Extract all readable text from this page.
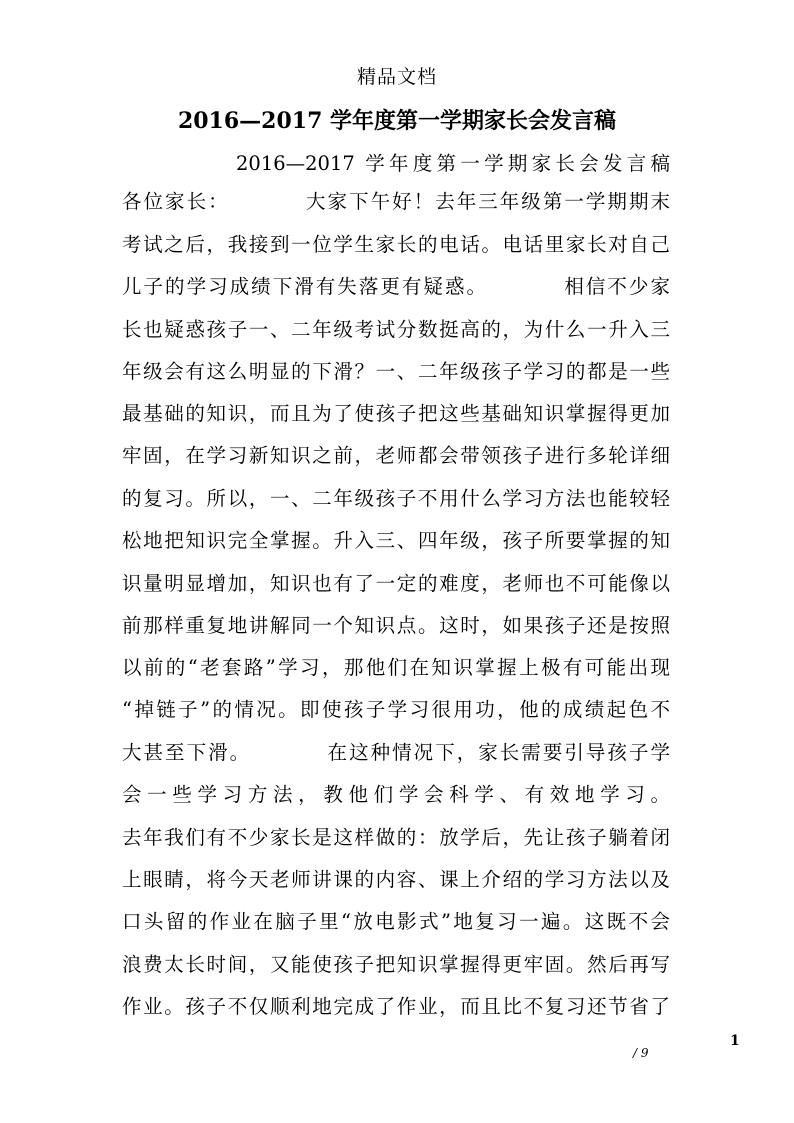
精品文档
2016—2017 学年度第一学期家长会发言稿
2016—2017 学年度第一学期家长会发言稿
各位家长：　　　　大家下午好！去年三年级第一学期期末
考试之后，我接到一位学生家长的电话。电话里家长对自己
儿子的学习成绩下滑有失落更有疑惑。　　　　相信不少家
长也疑惑孩子一、二年级考试分数挺高的，为什么一升入三
年级会有这么明显的下滑？一、二年级孩子学习的都是一些
最基础的知识，而且为了使孩子把这些基础知识掌握得更加
牢固，在学习新知识之前，老师都会带领孩子进行多轮详细
的复习。所以，一、二年级孩子不用什么学习方法也能较轻
松地把知识完全掌握。升入三、四年级，孩子所要掌握的知
识量明显增加，知识也有了一定的难度，老师也不可能像以
前那样重复地讲解同一个知识点。这时，如果孩子还是按照
以前的“老套路”学习，那他们在知识掌握上极有可能出现
“掉链子”的情况。即使孩子学习很用功，他的成绩起色不
大甚至下滑。　　　　在这种情况下，家长需要引导孩子学
会一些学习方法，教他们学会科学、有效地学习。
去年我们有不少家长是这样做的：放学后，先让孩子躺着闭
上眼睛，将今天老师讲课的内容、课上介绍的学习方法以及
口头留的作业在脑子里“放电影式”地复习一遍。这既不会
浪费太长时间，又能使孩子把知识掌握得更牢固。然后再写
作业。孩子不仅顺利地完成了作业，而且比不复习还节省了
1
/ 9
